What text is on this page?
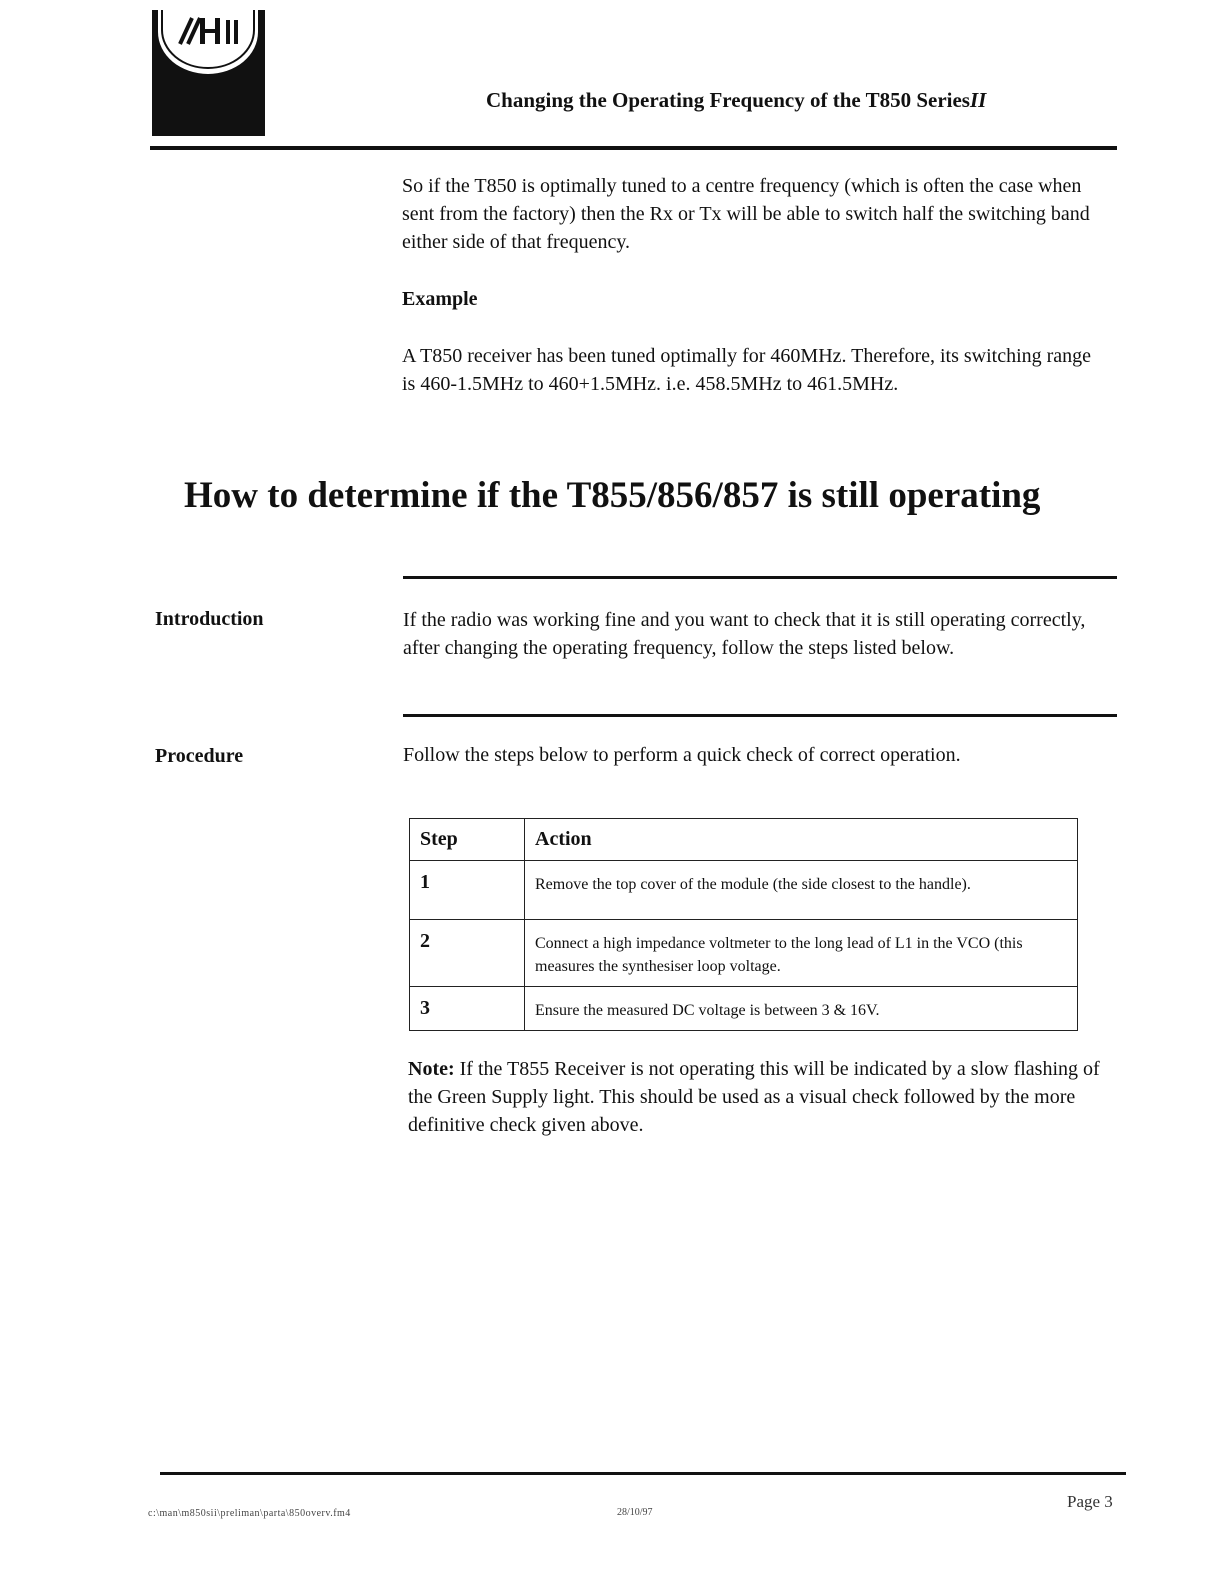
Changing the Operating Frequency of the T850 SeriesII
So if the T850 is optimally tuned to a centre frequency (which is often the case when sent from the factory) then the Rx or Tx will be able to switch half the switching band either side of that frequency.
Example
A T850 receiver has been tuned optimally for 460MHz. Therefore, its switching range is 460-1.5MHz to 460+1.5MHz. i.e. 458.5MHz to 461.5MHz.
How to determine if the T855/856/857 is still operating
Introduction	If the radio was working fine and you want to check that it is still operating correctly, after changing the operating frequency, follow the steps listed below.
Procedure	Follow the steps below to perform a quick check of correct operation.
Step	Action
1	Remove the top cover of the module (the side closest to the handle).
2	Connect a high impedance voltmeter to the long lead of L1 in the VCO (this measures the synthesiser loop voltage.
3	Ensure the measured DC voltage is between 3 & 16V.
Note: If the T855 Receiver is not operating this will be indicated by a slow flashing of the Green Supply light. This should be used as a visual check followed by the more definitive check given above.
c:\man\m850sii\preliman\parta\850overv.fm4	28/10/97
Page 3
